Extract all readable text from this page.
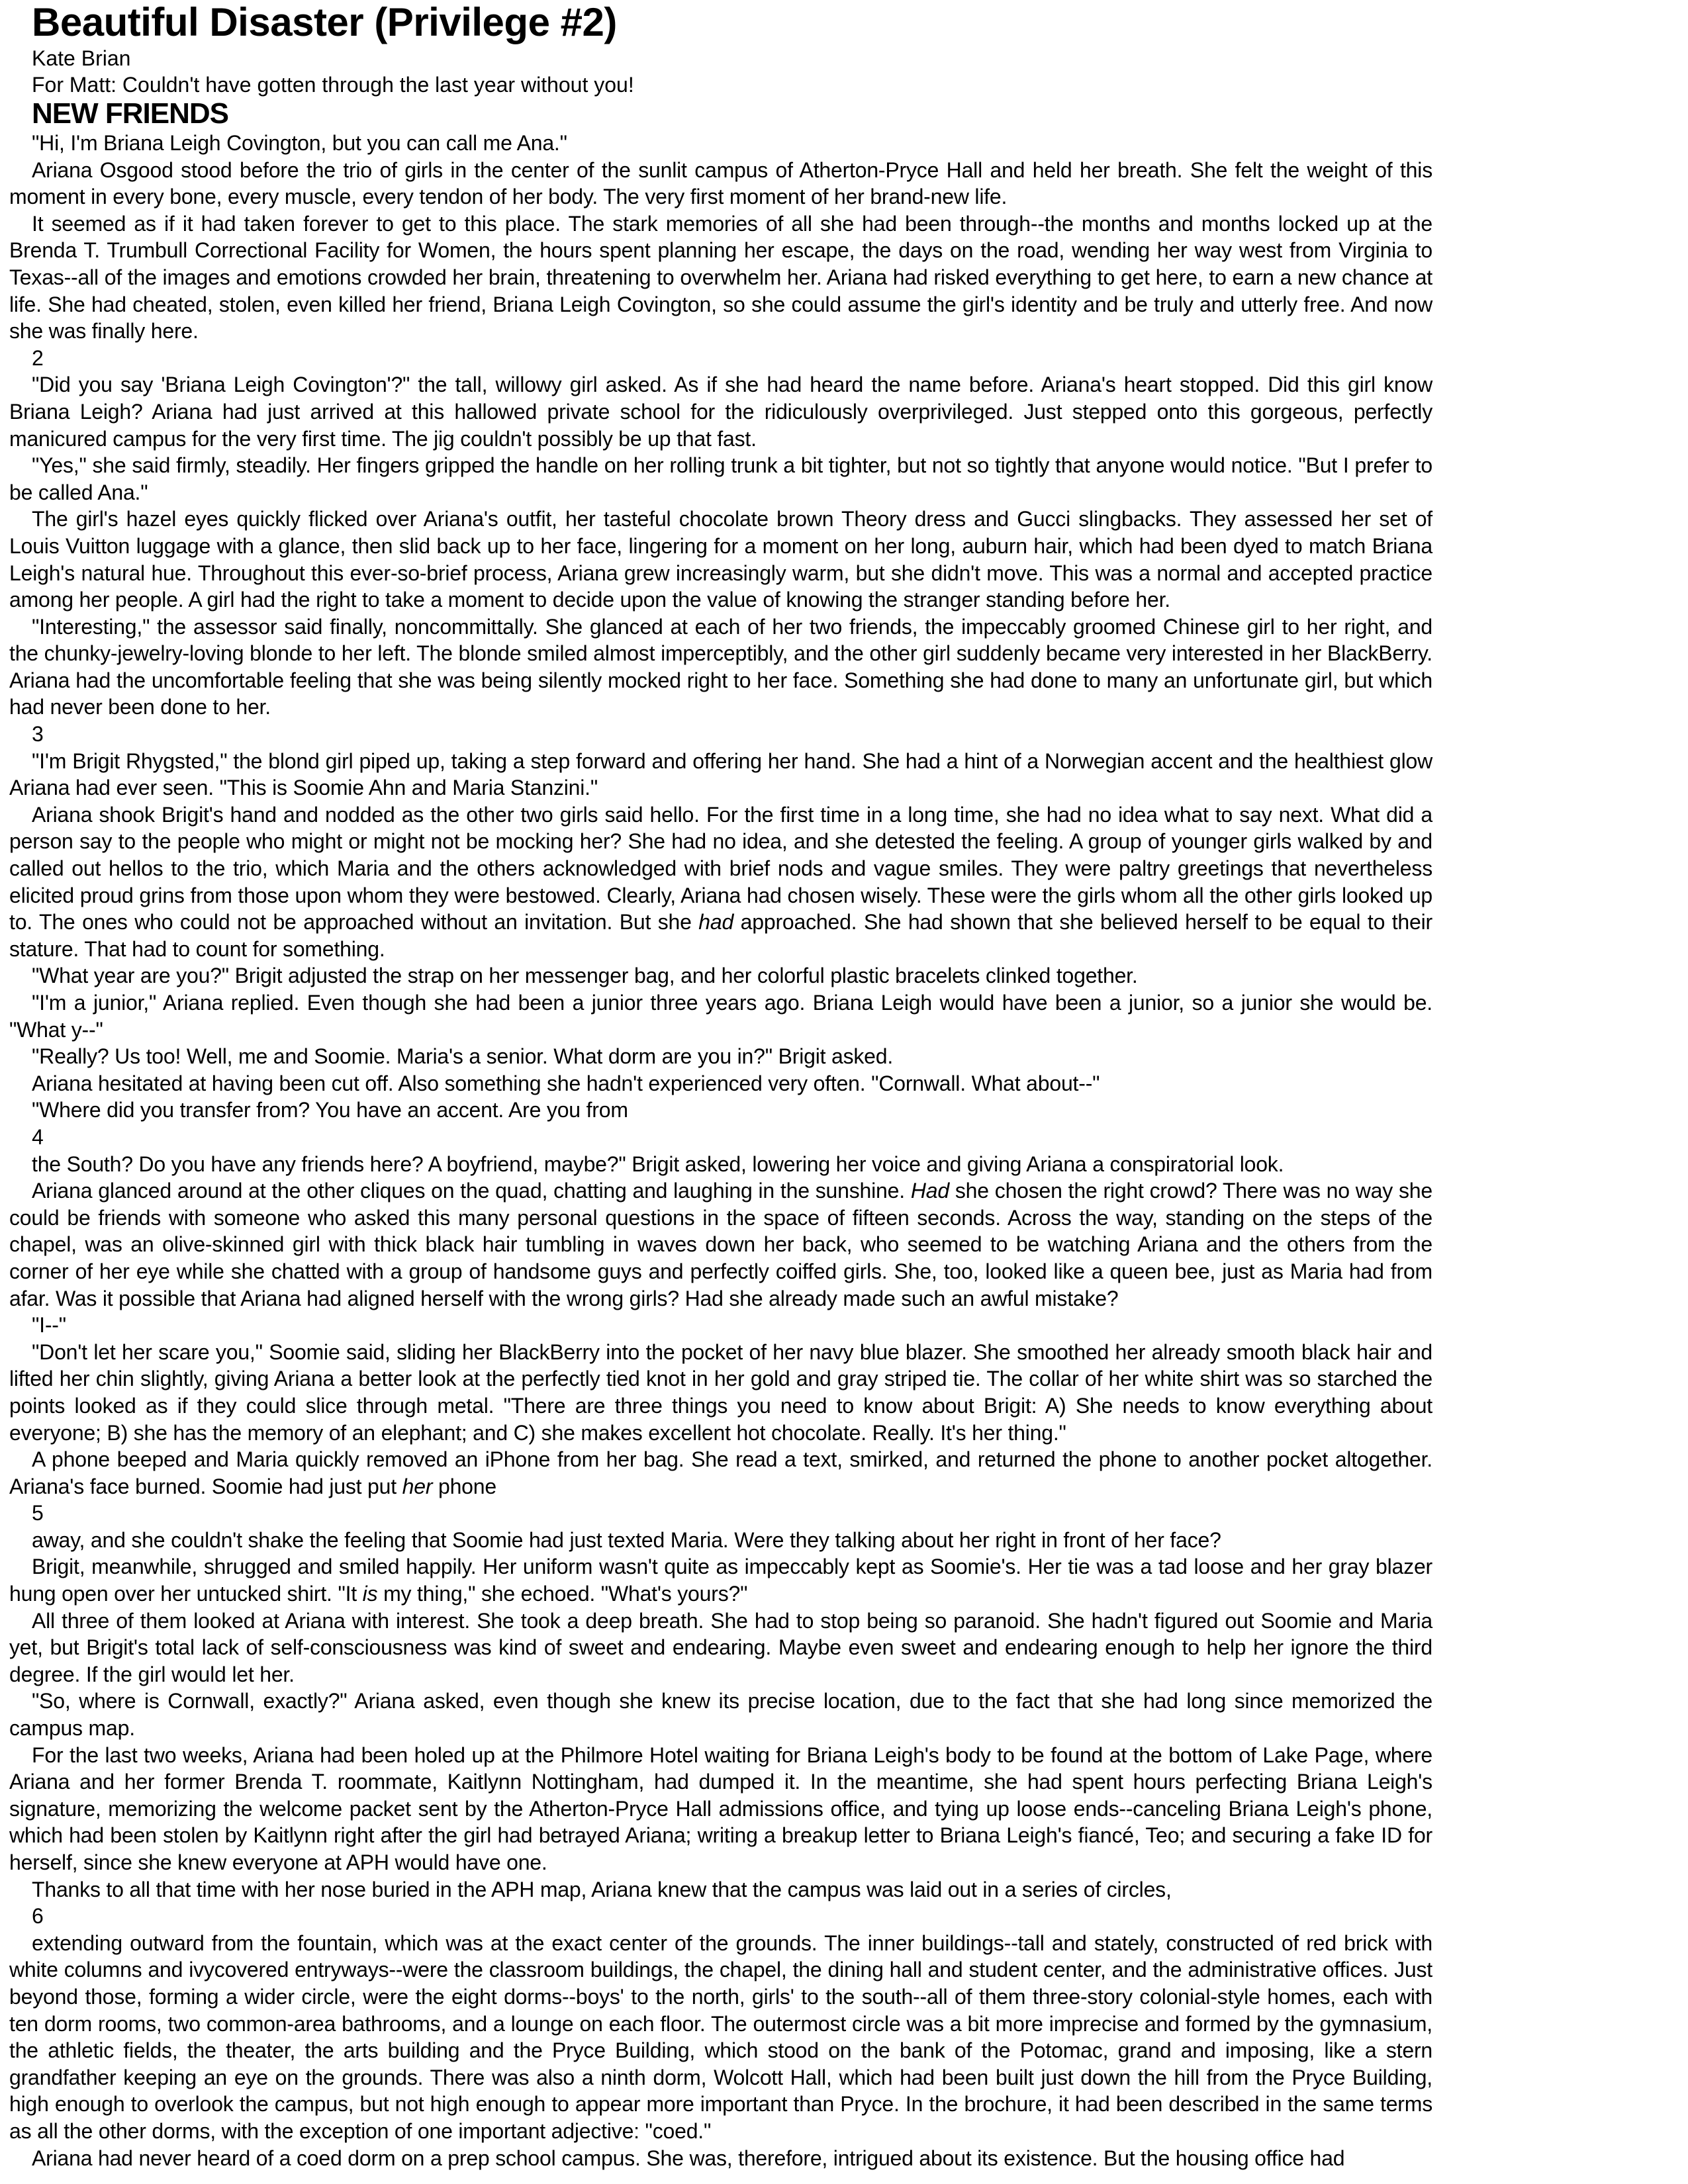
Beautiful Disaster (Privilege #2)
Kate Brian
For Matt: Couldn't have gotten through the last year without you!
NEW FRIENDS
"Hi, I'm Briana Leigh Covington, but you can call me Ana."
Ariana Osgood stood before the trio of girls in the center of the sunlit campus of Atherton-Pryce Hall and held her breath. She felt the weight of this moment in every bone, every muscle, every tendon of her body. The very first moment of her brand-new life.
It seemed as if it had taken forever to get to this place. The stark memories of all she had been through--the months and months locked up at the Brenda T. Trumbull Correctional Facility for Women, the hours spent planning her escape, the days on the road, wending her way west from Virginia to Texas--all of the images and emotions crowded her brain, threatening to overwhelm her. Ariana had risked everything to get here, to earn a new chance at life. She had cheated, stolen, even killed her friend, Briana Leigh Covington, so she could assume the girl's identity and be truly and utterly free. And now she was finally here.
2
"Did you say 'Briana Leigh Covington'?" the tall, willowy girl asked. As if she had heard the name before. Ariana's heart stopped. Did this girl know Briana Leigh? Ariana had just arrived at this hallowed private school for the ridiculously overprivileged. Just stepped onto this gorgeous, perfectly manicured campus for the very first time. The jig couldn't possibly be up that fast.
"Yes," she said firmly, steadily. Her fingers gripped the handle on her rolling trunk a bit tighter, but not so tightly that anyone would notice. "But I prefer to be called Ana."
The girl's hazel eyes quickly flicked over Ariana's outfit, her tasteful chocolate brown Theory dress and Gucci slingbacks. They assessed her set of Louis Vuitton luggage with a glance, then slid back up to her face, lingering for a moment on her long, auburn hair, which had been dyed to match Briana Leigh's natural hue. Throughout this ever-so-brief process, Ariana grew increasingly warm, but she didn't move. This was a normal and accepted practice among her people. A girl had the right to take a moment to decide upon the value of knowing the stranger standing before her.
"Interesting," the assessor said finally, noncommittally. She glanced at each of her two friends, the impeccably groomed Chinese girl to her right, and the chunky-jewelry-loving blonde to her left. The blonde smiled almost imperceptibly, and the other girl suddenly became very interested in her BlackBerry. Ariana had the uncomfortable feeling that she was being silently mocked right to her face. Something she had done to many an unfortunate girl, but which had never been done to her.
3
"I'm Brigit Rhygsted," the blond girl piped up, taking a step forward and offering her hand. She had a hint of a Norwegian accent and the healthiest glow Ariana had ever seen. "This is Soomie Ahn and Maria Stanzini."
Ariana shook Brigit's hand and nodded as the other two girls said hello. For the first time in a long time, she had no idea what to say next. What did a person say to the people who might or might not be mocking her? She had no idea, and she detested the feeling. A group of younger girls walked by and called out hellos to the trio, which Maria and the others acknowledged with brief nods and vague smiles. They were paltry greetings that nevertheless elicited proud grins from those upon whom they were bestowed. Clearly, Ariana had chosen wisely. These were the girls whom all the other girls looked up to. The ones who could not be approached without an invitation. But she had approached. She had shown that she believed herself to be equal to their stature. That had to count for something.
"What year are you?" Brigit adjusted the strap on her messenger bag, and her colorful plastic bracelets clinked together.
"I'm a junior," Ariana replied. Even though she had been a junior three years ago. Briana Leigh would have been a junior, so a junior she would be. "What y--"
"Really? Us too! Well, me and Soomie. Maria's a senior. What dorm are you in?" Brigit asked.
Ariana hesitated at having been cut off. Also something she hadn't experienced very often. "Cornwall. What about--"
"Where did you transfer from? You have an accent. Are you from
4
the South? Do you have any friends here? A boyfriend, maybe?" Brigit asked, lowering her voice and giving Ariana a conspiratorial look.
Ariana glanced around at the other cliques on the quad, chatting and laughing in the sunshine. Had she chosen the right crowd? There was no way she could be friends with someone who asked this many personal questions in the space of fifteen seconds. Across the way, standing on the steps of the chapel, was an olive-skinned girl with thick black hair tumbling in waves down her back, who seemed to be watching Ariana and the others from the corner of her eye while she chatted with a group of handsome guys and perfectly coiffed girls. She, too, looked like a queen bee, just as Maria had from afar. Was it possible that Ariana had aligned herself with the wrong girls? Had she already made such an awful mistake?
"I--"
"Don't let her scare you," Soomie said, sliding her BlackBerry into the pocket of her navy blue blazer. She smoothed her already smooth black hair and lifted her chin slightly, giving Ariana a better look at the perfectly tied knot in her gold and gray striped tie. The collar of her white shirt was so starched the points looked as if they could slice through metal. "There are three things you need to know about Brigit: A) She needs to know everything about everyone; B) she has the memory of an elephant; and C) she makes excellent hot chocolate. Really. It's her thing."
A phone beeped and Maria quickly removed an iPhone from her bag. She read a text, smirked, and returned the phone to another pocket altogether. Ariana's face burned. Soomie had just put her phone
5
away, and she couldn't shake the feeling that Soomie had just texted Maria. Were they talking about her right in front of her face?
Brigit, meanwhile, shrugged and smiled happily. Her uniform wasn't quite as impeccably kept as Soomie's. Her tie was a tad loose and her gray blazer hung open over her untucked shirt. "It is my thing," she echoed. "What's yours?"
All three of them looked at Ariana with interest. She took a deep breath. She had to stop being so paranoid. She hadn't figured out Soomie and Maria yet, but Brigit's total lack of self-consciousness was kind of sweet and endearing. Maybe even sweet and endearing enough to help her ignore the third degree. If the girl would let her.
"So, where is Cornwall, exactly?" Ariana asked, even though she knew its precise location, due to the fact that she had long since memorized the campus map.
For the last two weeks, Ariana had been holed up at the Philmore Hotel waiting for Briana Leigh's body to be found at the bottom of Lake Page, where Ariana and her former Brenda T. roommate, Kaitlynn Nottingham, had dumped it. In the meantime, she had spent hours perfecting Briana Leigh's signature, memorizing the welcome packet sent by the Atherton-Pryce Hall admissions office, and tying up loose ends--canceling Briana Leigh's phone, which had been stolen by Kaitlynn right after the girl had betrayed Ariana; writing a breakup letter to Briana Leigh's fiancé, Teo; and securing a fake ID for herself, since she knew everyone at APH would have one.
Thanks to all that time with her nose buried in the APH map, Ariana knew that the campus was laid out in a series of circles,
6
extending outward from the fountain, which was at the exact center of the grounds. The inner buildings--tall and stately, constructed of red brick with white columns and ivycovered entryways--were the classroom buildings, the chapel, the dining hall and student center, and the administrative offices. Just beyond those, forming a wider circle, were the eight dorms--boys' to the north, girls' to the south--all of them three-story colonial-style homes, each with ten dorm rooms, two common-area bathrooms, and a lounge on each floor. The outermost circle was a bit more imprecise and formed by the gymnasium, the athletic fields, the theater, the arts building and the Pryce Building, which stood on the bank of the Potomac, grand and imposing, like a stern grandfather keeping an eye on the grounds. There was also a ninth dorm, Wolcott Hall, which had been built just down the hill from the Pryce Building, high enough to overlook the campus, but not high enough to appear more important than Pryce. In the brochure, it had been described in the same terms as all the other dorms, with the exception of one important adjective: "coed."
Ariana had never heard of a coed dorm on a prep school campus. She was, therefore, intrigued about its existence. But the housing office had
